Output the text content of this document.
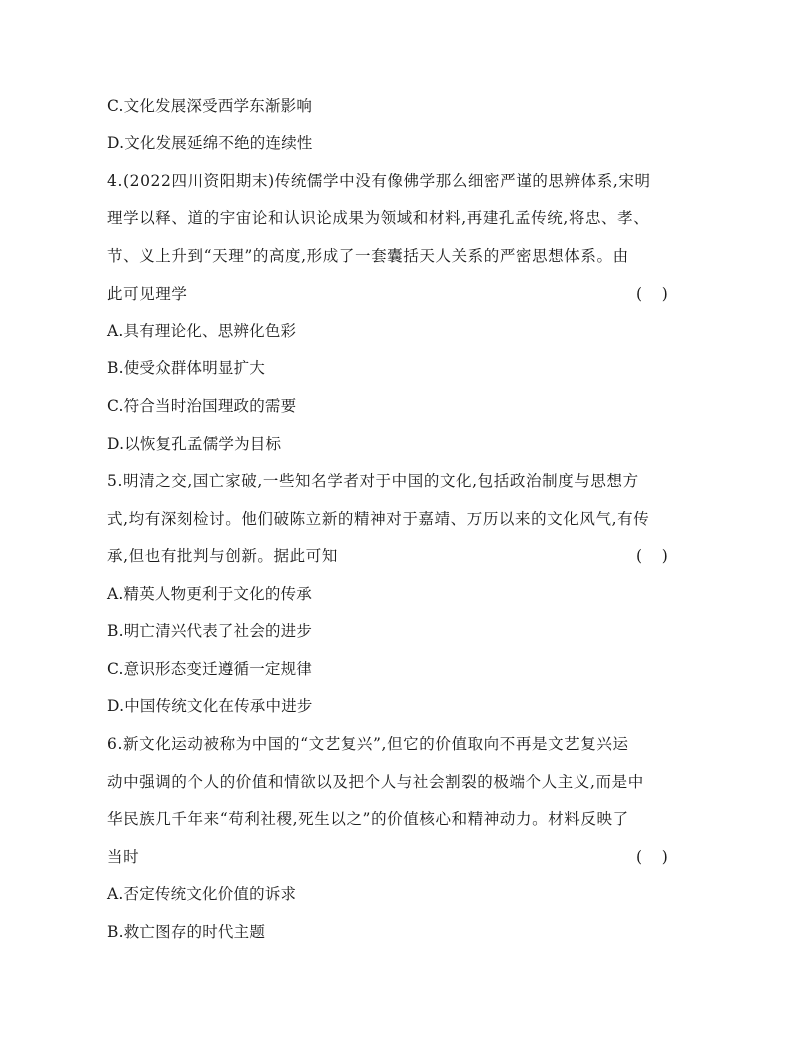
C.文化发展深受西学东渐影响
D.文化发展延绵不绝的连续性
4.(2022四川资阳期末)传统儒学中没有像佛学那么细密严谨的思辨体系,宋明
理学以释、道的宇宙论和认识论成果为领域和材料,再建孔孟传统,将忠、孝、
节、义上升到“天理”的高度,形成了一套囊括天人关系的严密思想体系。由
此可见理学	(    )
A.具有理论化、思辨化色彩
B.使受众群体明显扩大
C.符合当时治国理政的需要
D.以恢复孔孟儒学为目标
5.明清之交,国亡家破,一些知名学者对于中国的文化,包括政治制度与思想方
式,均有深刻检讨。他们破陈立新的精神对于嘉靖、万历以来的文化风气,有传
承,但也有批判与创新。据此可知	(    )
A.精英人物更利于文化的传承
B.明亡清兴代表了社会的进步
C.意识形态变迁遵循一定规律
D.中国传统文化在传承中进步
6.新文化运动被称为中国的“文艺复兴”,但它的价值取向不再是文艺复兴运
动中强调的个人的价值和情欲以及把个人与社会割裂的极端个人主义,而是中
华民族几千年来“苟利社稷,死生以之”的价值核心和精神动力。材料反映了
当时	(    )
A.否定传统文化价值的诉求
B.救亡图存的时代主题
